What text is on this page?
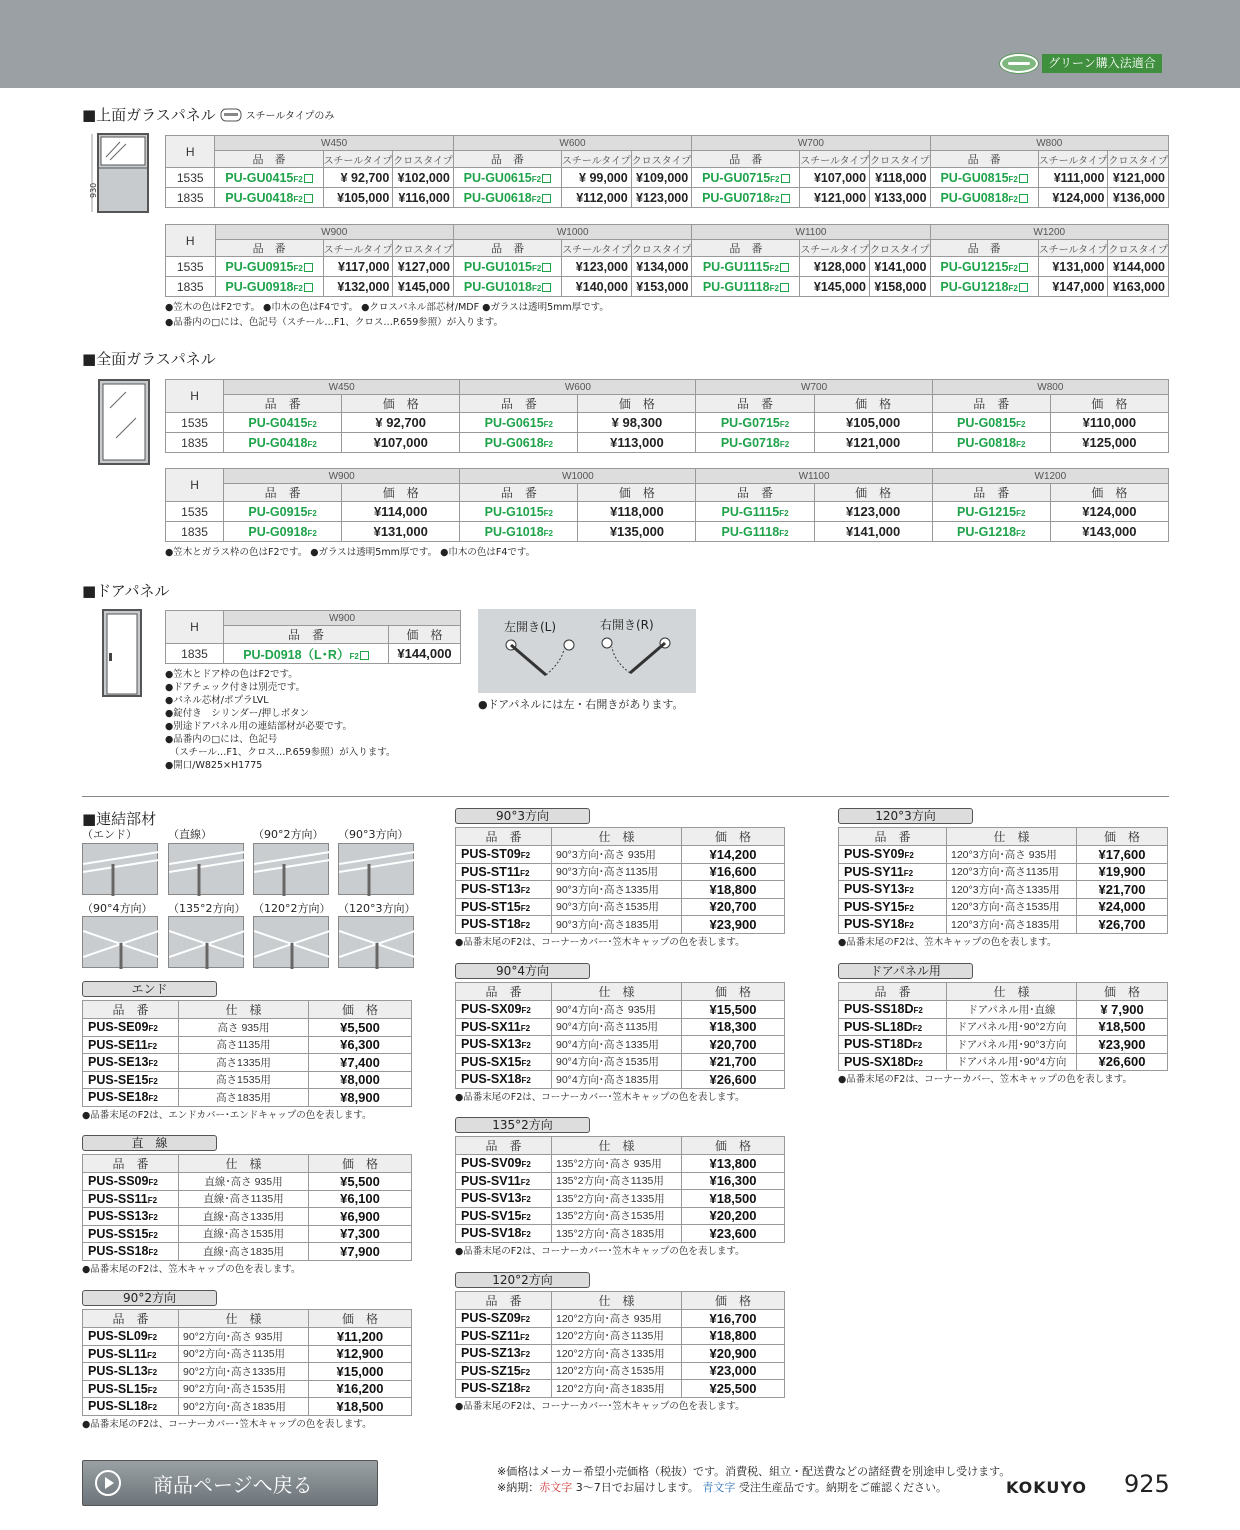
グリーン購入法適合
■上面ガラスパネル	スチールタイプのみ
930
H	W450			W600			W700			W800		
	品　番	スチールタイプ	クロスタイプ	品　番	スチールタイプ	クロスタイプ	品　番	スチールタイプ	クロスタイプ	品　番	スチールタイプ	クロスタイプ
1535	PU-GU0415F2	¥ 92,700	¥102,000	PU-GU0615F2	¥ 99,000	¥109,000	PU-GU0715F2	¥107,000	¥118,000	PU-GU0815F2	¥111,000	¥121,000
1835	PU-GU0418F2	¥105,000	¥116,000	PU-GU0618F2	¥112,000	¥123,000	PU-GU0718F2	¥121,000	¥133,000	PU-GU0818F2	¥124,000	¥136,000
H	W900			W1000			W1100			W1200		
	品　番	スチールタイプ	クロスタイプ	品　番	スチールタイプ	クロスタイプ	品　番	スチールタイプ	クロスタイプ	品　番	スチールタイプ	クロスタイプ
1535	PU-GU0915F2	¥117,000	¥127,000	PU-GU1015F2	¥123,000	¥134,000	PU-GU1115F2	¥128,000	¥141,000	PU-GU1215F2	¥131,000	¥144,000
1835	PU-GU0918F2	¥132,000	¥145,000	PU-GU1018F2	¥140,000	¥153,000	PU-GU1118F2	¥145,000	¥158,000	PU-GU1218F2	¥147,000	¥163,000
●笠木の色はF2です。 ●巾木の色はF4です。 ●クロスパネル部芯材/MDF ●ガラスは透明5mm厚です。
●品番内の□には、色記号（スチール…F1、クロス…P.659参照）が入ります。
■全面ガラスパネル
H	W450		W600		W700		W800	
	品　番	価　格	品　番	価　格	品　番	価　格	品　番	価　格
1535	PU-G0415F2	¥ 92,700	PU-G0615F2	¥ 98,300	PU-G0715F2	¥105,000	PU-G0815F2	¥110,000
1835	PU-G0418F2	¥107,000	PU-G0618F2	¥113,000	PU-G0718F2	¥121,000	PU-G0818F2	¥125,000
H	W900		W1000		W1100		W1200	
	品　番	価　格	品　番	価　格	品　番	価　格	品　番	価　格
1535	PU-G0915F2	¥114,000	PU-G1015F2	¥118,000	PU-G1115F2	¥123,000	PU-G1215F2	¥124,000
1835	PU-G0918F2	¥131,000	PU-G1018F2	¥135,000	PU-G1118F2	¥141,000	PU-G1218F2	¥143,000
●笠木とガラス枠の色はF2です。 ●ガラスは透明5mm厚です。 ●巾木の色はF4です。
■ドアパネル
H	W900	
	品　番	価　格
1835	PU-D0918（L･R）F2	¥144,000
●笠木とドア枠の色はF2です。
●ドアチェック付きは別売です。
●パネル芯材/ポプラLVL
●錠付き　シリンダー/押しボタン
●別途ドアパネル用の連結部材が必要です。
●品番内の□には、色記号
　（スチール…F1、クロス…P.659参照）が入ります。
●開口/W825×H1775
左開き(L)	右開き(R)
●ドアパネルには左・右開きがあります。
■連結部材
（エンド）	（直線）	（90°2方向） （90°3方向）
（90°4方向） （135°2方向） （120°2方向） （120°3方向）
エンド
品　番	仕　様	価　格
PUS-SE09F2	高さ 935用	¥5,500
PUS-SE11F2	高さ1135用	¥6,300
PUS-SE13F2	高さ1335用	¥7,400
PUS-SE15F2	高さ1535用	¥8,000
PUS-SE18F2	高さ1835用	¥8,900
●品番末尾のF2は、エンドカバー･エンドキャップの色を表します。
直　線
品　番	仕　様	価　格
PUS-SS09F2	直線･高さ 935用	¥5,500
PUS-SS11F2	直線･高さ1135用	¥6,100
PUS-SS13F2	直線･高さ1335用	¥6,900
PUS-SS15F2	直線･高さ1535用	¥7,300
PUS-SS18F2	直線･高さ1835用	¥7,900
●品番末尾のF2は、笠木キャップの色を表します。
90°2方向
品　番	仕　様	価　格
PUS-SL09F2	90°2方向･高さ 935用	¥11,200
PUS-SL11F2	90°2方向･高さ1135用	¥12,900
PUS-SL13F2	90°2方向･高さ1335用	¥15,000
PUS-SL15F2	90°2方向･高さ1535用	¥16,200
PUS-SL18F2	90°2方向･高さ1835用	¥18,500
●品番末尾のF2は、コーナーカバー･笠木キャップの色を表します。
90°3方向
品　番	仕　様	価　格
PUS-ST09F2	90°3方向･高さ 935用	¥14,200
PUS-ST11F2	90°3方向･高さ1135用	¥16,600
PUS-ST13F2	90°3方向･高さ1335用	¥18,800
PUS-ST15F2	90°3方向･高さ1535用	¥20,700
PUS-ST18F2	90°3方向･高さ1835用	¥23,900
●品番末尾のF2は、コーナーカバー･笠木キャップの色を表します。
90°4方向
品　番	仕　様	価　格
PUS-SX09F2	90°4方向･高さ 935用	¥15,500
PUS-SX11F2	90°4方向･高さ1135用	¥18,300
PUS-SX13F2	90°4方向･高さ1335用	¥20,700
PUS-SX15F2	90°4方向･高さ1535用	¥21,700
PUS-SX18F2	90°4方向･高さ1835用	¥26,600
●品番末尾のF2は、コーナーカバー･笠木キャップの色を表します。
135°2方向
品　番	仕　様	価　格
PUS-SV09F2	135°2方向･高さ 935用	¥13,800
PUS-SV11F2	135°2方向･高さ1135用	¥16,300
PUS-SV13F2	135°2方向･高さ1335用	¥18,500
PUS-SV15F2	135°2方向･高さ1535用	¥20,200
PUS-SV18F2	135°2方向･高さ1835用	¥23,600
●品番末尾のF2は、コーナーカバー･笠木キャップの色を表します。
120°2方向
品　番	仕　様	価　格
PUS-SZ09F2	120°2方向･高さ 935用	¥16,700
PUS-SZ11F2	120°2方向･高さ1135用	¥18,800
PUS-SZ13F2	120°2方向･高さ1335用	¥20,900
PUS-SZ15F2	120°2方向･高さ1535用	¥23,000
PUS-SZ18F2	120°2方向･高さ1835用	¥25,500
●品番末尾のF2は、コーナーカバー･笠木キャップの色を表します。
120°3方向
品　番	仕　様	価　格
PUS-SY09F2	120°3方向･高さ 935用	¥17,600
PUS-SY11F2	120°3方向･高さ1135用	¥19,900
PUS-SY13F2	120°3方向･高さ1335用	¥21,700
PUS-SY15F2	120°3方向･高さ1535用	¥24,000
PUS-SY18F2	120°3方向･高さ1835用	¥26,700
●品番末尾のF2は、笠木キャップの色を表します。
ドアパネル用
品　番	仕　様	価　格
PUS-SS18DF2	ドアパネル用･直線	¥ 7,900
PUS-SL18DF2	ドアパネル用･90°2方向	¥18,500
PUS-ST18DF2	ドアパネル用･90°3方向	¥23,900
PUS-SX18DF2	ドアパネル用･90°4方向	¥26,600
●品番末尾のF2は、コーナーカバー、笠木キャップの色を表します。
商品ページへ戻る
※価格はメーカー希望小売価格（税抜）です。消費税、組立・配送費などの諸経費を別途申し受けます。
※納期：赤文字 3～7日でお届けします。 青文字 受注生産品です。納期をご確認ください。	KOKUYO 925
